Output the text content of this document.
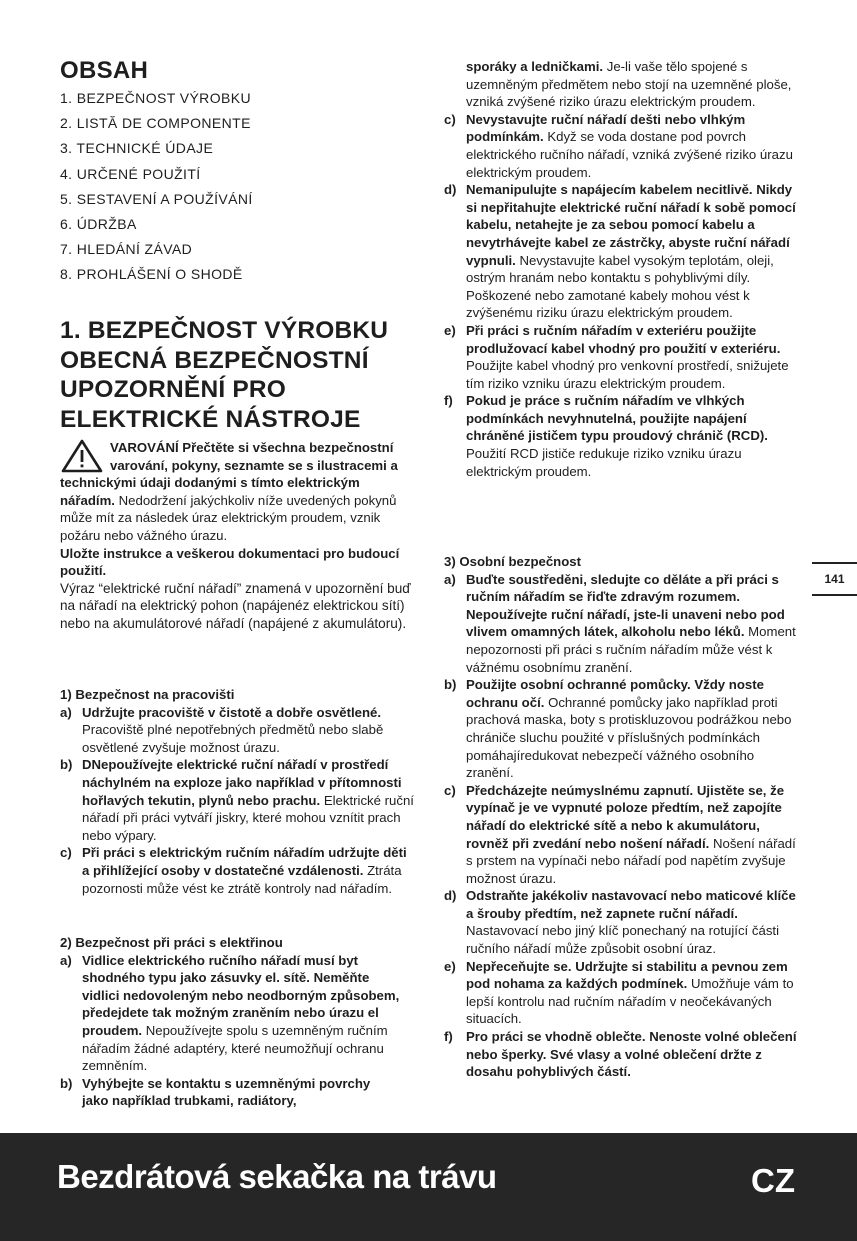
OBSAH
1. BEZPEČNOST VÝROBKU
2. LISTĂ DE COMPONENTE
3. TECHNICKÉ ÚDAJE
4. URČENÉ POUŽITÍ
5. SESTAVENÍ A POUŽÍVÁNÍ
6. ÚDRŽBA
7. HLEDÁNÍ ZÁVAD
8. PROHLÁŠENÍ O SHODĚ
1. BEZPEČNOST VÝROBKU
OBECNÁ BEZPEČNOSTNÍ
UPOZORNĚNÍ PRO
ELEKTRICKÉ NÁSTROJE

VAROVÁNÍ Přečtěte si všechna bezpečnostní varování, pokyny, seznamte se s ilustracemi a technickými údaji dodanými s tímto elektrickým nářadím. Nedodržení jakýchkoliv níže uvedených pokynů může mít za následek úraz elektrickým proudem, vznik požáru nebo vážného úrazu.

Uložte instrukce a veškerou dokumentaci pro budoucí použití.

Výraz “elektrické ruční nářadí” znamená v upozornění buď na nářadí na elektrický pohon (napájenéz elektrickou sítí) nebo na akumulátorové nářadí (napájené z akumulátoru).

1) Bezpečnost na pracovišti

a) Udržujte pracoviště v čistotě a dobře osvětlené. Pracoviště plné nepotřebných předmětů nebo slabě osvětlené zvyšuje možnost úrazu.
b) DNepoužívejte elektrické ruční nářadí v prostředí náchylném na exploze jako například v přítomnosti hořlavých tekutin, plynů nebo prachu. Elektrické ruční nářadí při práci vytváří jiskry, které mohou vznítit prach nebo výpary.
c) Při práci s elektrickým ručním nářadím udržujte děti a přihlížející osoby v dostatečné vzdálenosti. Ztráta pozornosti může vést ke ztrátě kontroly nad nářadím.

2) Bezpečnost při práci s elektřinou

a) Vidlice elektrického ručního nářadí musí byt shodného typu jako zásuvky el. sítě. Neměňte vidlici nedovoleným nebo neodborným způsobem, předejdete tak možným zraněním nebo úrazu el proudem. Nepoužívejte spolu s uzemněným ručním nářadím žádné adaptéry, které neumožňují ochranu zemněním.
b) Vyhýbejte se kontaktu s uzemněnými povrchy jako například trubkami, radiátory,

sporáky a ledničkami. Je-li vaše tělo spojené s uzemněným předmětem nebo stojí na uzemněné ploše, vzniká zvýšené riziko úrazu elektrickým proudem.

c) Nevystavujte ruční nářadí dešti nebo vlhkým podmínkám. Když se voda dostane pod povrch elektrického ručního nářadí, vzniká zvýšené riziko úrazu elektrickým proudem.
d) Nemanipulujte s napájecím kabelem necitlivě. Nikdy si nepřitahujte elektrické ruční nářadí k sobě pomocí kabelu, netahejte je za sebou pomocí kabelu a nevytrhávejte kabel ze zástrčky, abyste ruční nářadí vypnuli. Nevystavujte kabel vysokým teplotám, oleji, ostrým hranám nebo kontaktu s pohyblivými díly. Poškozené nebo zamotané kabely mohou vést k zvýšenému riziku úrazu elektrickým proudem.
e) Při práci s ručním nářadím v exteriéru použijte prodlužovací kabel vhodný pro použití v exteriéru. Použijte kabel vhodný pro venkovní prostředí, snižujete tím riziko vzniku úrazu elektrickým proudem.
f) Pokud je práce s ručním nářadím ve vlhkých podmínkách nevyhnutelná, použijte napájení chráněné jističem typu proudový chránič (RCD). Použití RCD jističe redukuje riziko vzniku úrazu elektrickým proudem.

3) Osobní bezpečnost

a) Buďte soustředěni, sledujte co děláte a při práci s ručním nářadím se řiďte zdravým rozumem. Nepoužívejte ruční nářadí, jste-li unaveni nebo pod vlivem omamných látek, alkoholu nebo léků. Moment nepozornosti při práci s ručním nářadím může vést k vážnému osobnímu zranění.
b) Použijte osobní ochranné pomůcky. Vždy noste ochranu očí. Ochranné pomůcky jako například proti prachová maska, boty s protiskluzovou podrážkou nebo chrániče sluchu použité v příslušných podmínkách pomáhajíredukovat nebezpečí vážného osobního zranění.
c) Předcházejte neúmyslnému zapnutí. Ujistěte se, že vypínač je ve vypnuté poloze předtím, než zapojíte nářadí do elektrické sítě a nebo k akumulátoru, rovněž při zvedání nebo nošení nářadí. Nošení nářadí s prstem na vypínači nebo nářadí pod napětím zvyšuje možnost úrazu.
d) Odstraňte jakékoliv nastavovací nebo maticové klíče a šrouby předtím, než zapnete ruční nářadí. Nastavovací nebo jiný klíč ponechaný na rotující části ručního nářadí může způsobit osobní úraz.
e) Nepřeceňujte se. Udržujte si stabilitu a pevnou zem pod nohama za každých podmínek. Umožňuje vám to lepší kontrolu nad ručním nářadím v neočekávaných situacích.
f) Pro práci se vhodně oblečte. Nenoste volné oblečení nebo šperky. Své vlasy a volné oblečení držte z dosahu pohyblivých částí.
141
Bezdrátová sekačka na trávu	CZ
